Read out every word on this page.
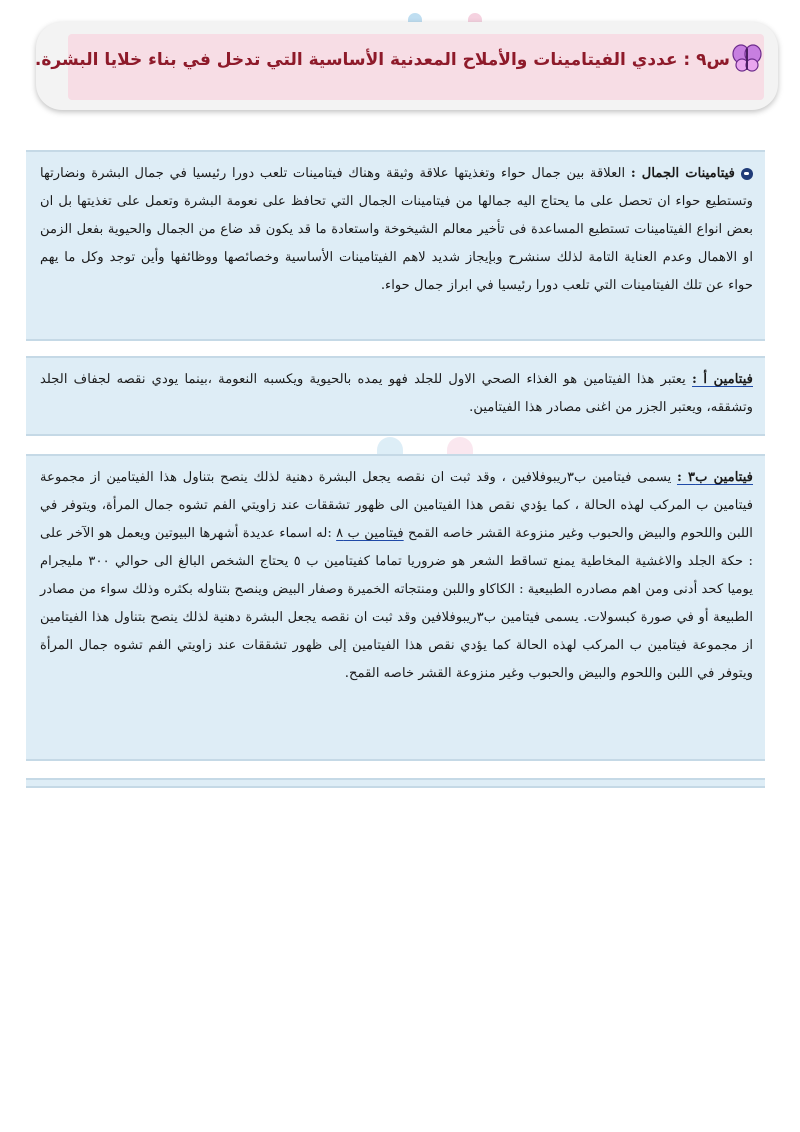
س٩ : عددي الفيتامينات والأملاح المعدنية الأساسية التي تدخل في بناء خلايا البشرة.

فيتامينات الجمال : العلاقة بين جمال حواء وتغذيتها علاقة وثيقة وهناك فيتامينات تلعب دورا رئيسيا في جمال البشرة ونضارتها وتستطيع حواء ان تحصل على ما يحتاج اليه جمالها من فيتامينات الجمال التي تحافظ على نعومة البشرة وتعمل على تغذيتها بل ان بعض انواع الفيتامينات تستطيع المساعدة فى تأخير معالم الشيخوخة واستعادة ما قد يكون قد ضاع من الجمال والحيوية بفعل الزمن او الاهمال وعدم العناية التامة لذلك سنشرح وبإيجاز شديد لاهم الفيتامينات الأساسية وخصائصها ووظائفها وأين توجد وكل ما يهم حواء عن تلك الفيتامينات التي تلعب دورا رئيسيا في ابراز جمال حواء.

فيتامين أ : يعتبر هذا الفيتامين هو الغذاء الصحي الاول للجلد فهو يمده بالحيوية ويكسبه النعومة ،بينما يودي نقصه لجفاف الجلد وتشققه، ويعتبر الجزر من اغنى مصادر هذا الفيتامين.

فيتامين ب٣ : يسمى فيتامين ب٣ريبوفلافين ، وقد ثبت ان نقصه يجعل البشرة دهنية لذلك ينصح بتناول هذا الفيتامين از مجموعة فيتامين ب المركب لهذه الحالة ، كما يؤدي نقص هذا الفيتامين الى ظهور تشققات عند زاويتي الفم تشوه جمال المرأة، ويتوفر في اللبن واللحوم والبيض والحبوب وغير منزوعة القشر خاصه القمح فيتامين ب ٨ :له اسماء عديدة أشهرها البيوتين ويعمل هو الآخر على : حكة الجلد والاغشية المخاطية يمنع تساقط الشعر هو ضروريا تماما كفيتامين ب ٥ يحتاج الشخص البالغ الى حوالي ٣٠٠ مليجرام يوميا كحد أدنى ومن اهم مصادره الطبيعية : الكاكاو واللبن ومنتجاته الخميرة وصفار البيض وينصح بتناوله بكثره وذلك سواء من مصادر الطبيعة أو في صورة كبسولات. يسمى فيتامين ب٣ريبوفلافين وقد ثبت ان نقصه يجعل البشرة دهنية لذلك ينصح بتناول هذا الفيتامين از مجموعة فيتامين ب المركب لهذه الحالة كما يؤدي نقص هذا الفيتامين إلى ظهور تشققات عند زاويتي الفم تشوه جمال المرأة ويتوفر في اللبن واللحوم والبيض والحبوب وغير منزوعة القشر خاصه القمح.
